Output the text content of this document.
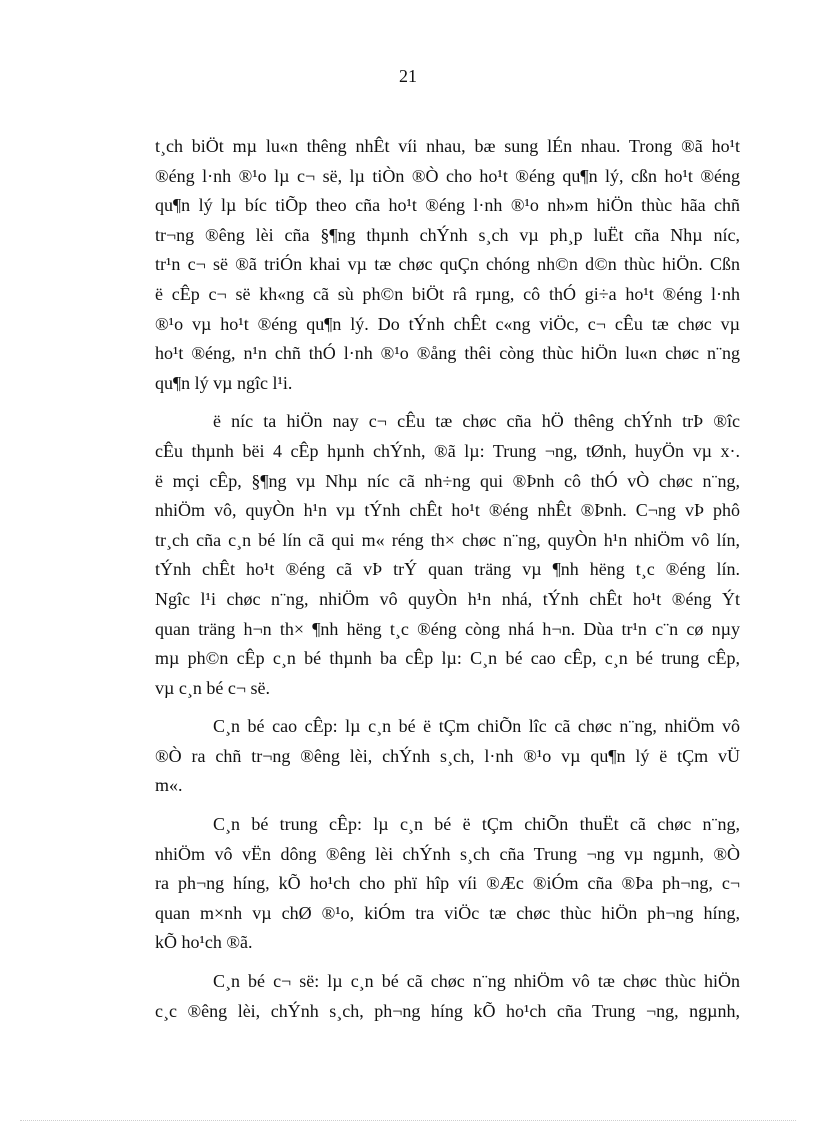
21

t¸ch biÖt mµ lu«n thêng nhÊt víi nhau, bæ sung lÉn nhau. Trong ®ã ho¹t
®éng l·nh ®¹o lµ c¬ së, lµ tiÒn ®Ò cho ho¹t ®éng qu¶n lý, cßn ho¹t ®éng
qu¶n lý lµ bíc tiÕp theo cña ho¹t ®éng l·nh ®¹o nh»m hiÖn thùc hãa chñ
tr¬ng ®êng lèi cña §¶ng thµnh chÝnh s¸ch vµ ph¸p luËt cña Nhµ níc,
tr¹n c¬ së ®ã triÓn khai vµ tæ chøc quÇn chóng nh©n d©n thùc hiÖn. Cßn
ë cÊp c¬ së kh«ng cã sù ph©n biÖt râ rµng, cô thÓ gi÷a ho¹t ®éng l·nh
®¹o vµ ho¹t ®éng qu¶n lý. Do tÝnh chÊt c«ng viÖc, c¬ cÊu tæ chøc vµ
ho¹t ®éng, n¹n chñ thÓ l·nh ®¹o ®ång thêi còng thùc hiÖn lu«n chøc n¨ng
qu¶n lý vµ ngîc l¹i.

ë níc ta hiÖn nay c¬ cÊu tæ chøc cña hÖ thêng chÝnh trÞ ®îc
cÊu thµnh bëi 4 cÊp hµnh chÝnh, ®ã lµ: Trung ¬ng, tØnh, huyÖn vµ x·.
ë mçi cÊp, §¶ng vµ Nhµ níc cã nh÷ng qui ®Þnh cô thÓ vÒ chøc n¨ng,
nhiÖm vô, quyÒn h¹n vµ tÝnh chÊt ho¹t ®éng nhÊt ®Þnh. C¬ng vÞ phô
tr¸ch cña c¸n bé lín cã qui m« réng th× chøc n¨ng, quyÒn h¹n nhiÖm vô lín,
tÝnh chÊt ho¹t ®éng cã vÞ trÝ quan träng vµ ¶nh hëng t¸c ®éng lín.
Ngîc l¹i chøc n¨ng, nhiÖm vô quyÒn h¹n nhá, tÝnh chÊt ho¹t ®éng Ýt
quan träng h¬n th× ¶nh hëng t¸c ®éng còng nhá h¬n. Dùa tr¹n c¨n cø nµy
mµ ph©n cÊp c¸n bé thµnh ba cÊp lµ: C¸n bé cao cÊp, c¸n bé trung cÊp,
vµ c¸n bé c¬ së.

C¸n bé cao cÊp: lµ c¸n bé ë tÇm chiÕn lîc cã chøc n¨ng, nhiÖm vô
®Ò ra chñ tr¬ng ®êng lèi, chÝnh s¸ch, l·nh ®¹o vµ qu¶n lý ë tÇm vÜ
m«.

C¸n bé trung cÊp: lµ c¸n bé ë tÇm chiÕn thuËt cã chøc n¨ng,
nhiÖm vô vËn dông ®êng lèi chÝnh s¸ch cña Trung ¬ng vµ ngµnh, ®Ò
ra ph¬ng híng, kÕ ho¹ch cho phï hîp víi ®Æc ®iÓm cña ®Þa ph¬ng, c¬
quan m×nh vµ chØ ®¹o, kiÓm tra viÖc tæ chøc thùc hiÖn ph¬ng híng,
kÕ ho¹ch ®ã.

C¸n bé c¬ së: lµ c¸n bé cã chøc n¨ng nhiÖm vô tæ chøc thùc hiÖn
c¸c ®êng lèi, chÝnh s¸ch, ph¬ng híng kÕ ho¹ch cña Trung ¬ng, ngµnh,
